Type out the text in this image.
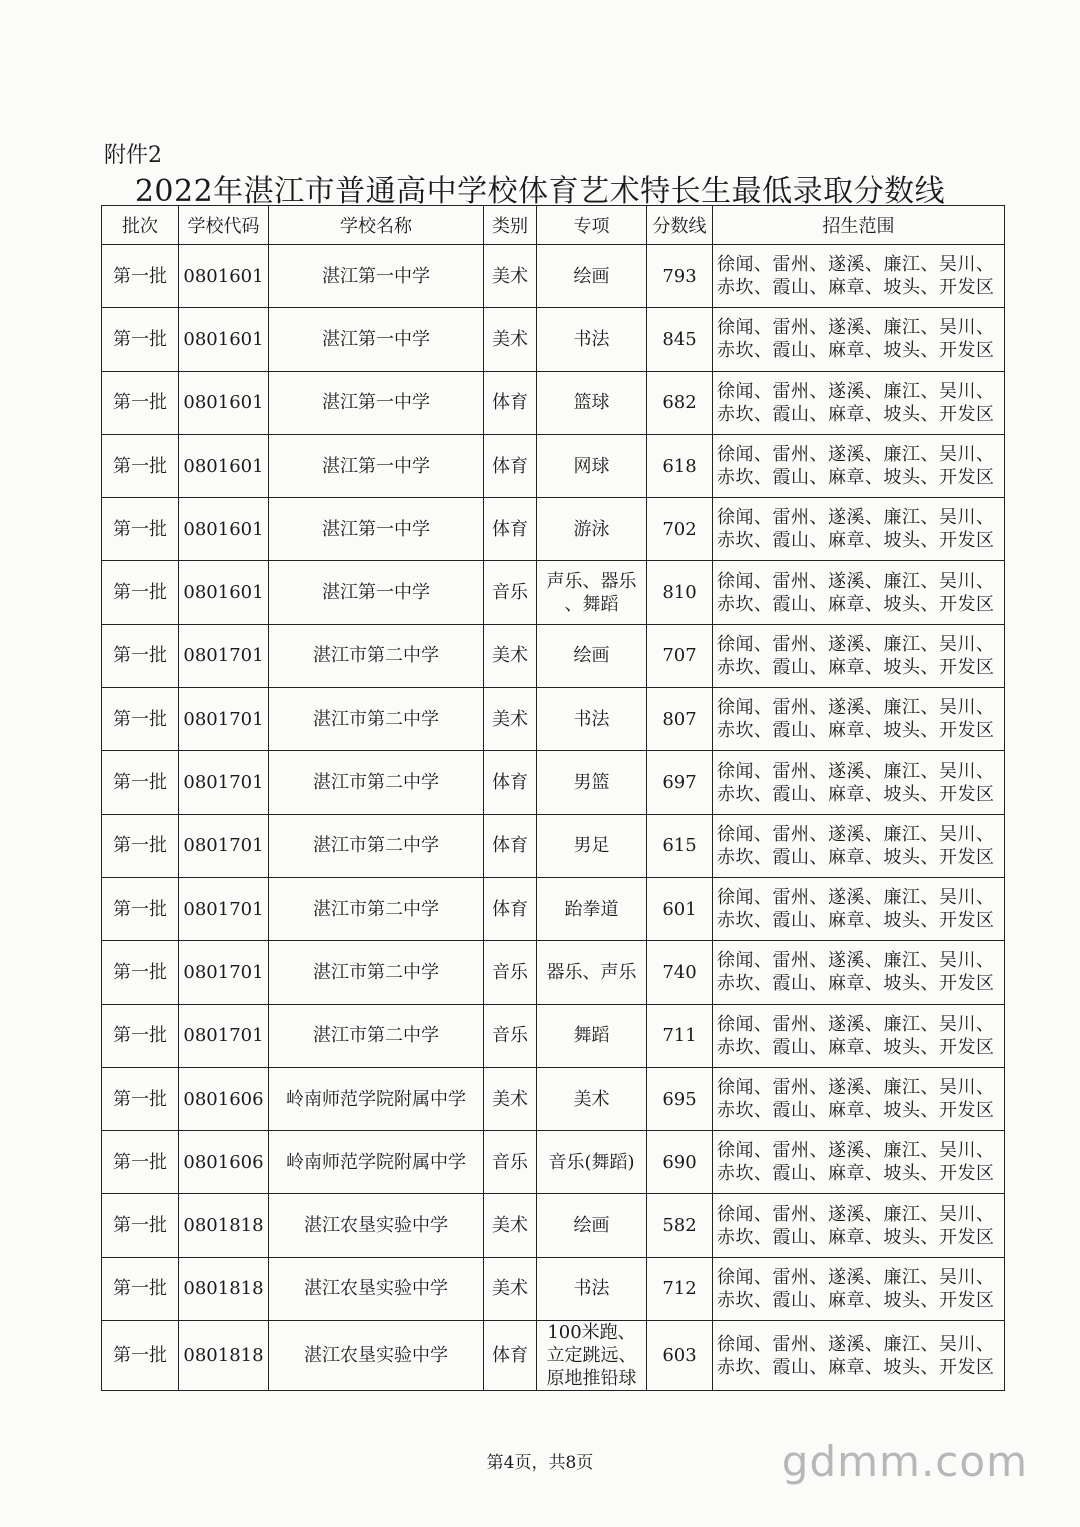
附件2
2022年湛江市普通高中学校体育艺术特长生最低录取分数线
批次	学校代码	学校名称	类别	专项	分数线	招生范围
第一批	0801601	湛江第一中学	美术	绘画	793	徐闻、雷州、遂溪、廉江、吴川、
赤坎、霞山、麻章、坡头、开发区
第一批	0801601	湛江第一中学	美术	书法	845	徐闻、雷州、遂溪、廉江、吴川、
赤坎、霞山、麻章、坡头、开发区
第一批	0801601	湛江第一中学	体育	篮球	682	徐闻、雷州、遂溪、廉江、吴川、
赤坎、霞山、麻章、坡头、开发区
第一批	0801601	湛江第一中学	体育	网球	618	徐闻、雷州、遂溪、廉江、吴川、
赤坎、霞山、麻章、坡头、开发区
第一批	0801601	湛江第一中学	体育	游泳	702	徐闻、雷州、遂溪、廉江、吴川、
赤坎、霞山、麻章、坡头、开发区
第一批	0801601	湛江第一中学	音乐	声乐、器乐
、舞蹈	810	徐闻、雷州、遂溪、廉江、吴川、
赤坎、霞山、麻章、坡头、开发区
第一批	0801701	湛江市第二中学	美术	绘画	707	徐闻、雷州、遂溪、廉江、吴川、
赤坎、霞山、麻章、坡头、开发区
第一批	0801701	湛江市第二中学	美术	书法	807	徐闻、雷州、遂溪、廉江、吴川、
赤坎、霞山、麻章、坡头、开发区
第一批	0801701	湛江市第二中学	体育	男篮	697	徐闻、雷州、遂溪、廉江、吴川、
赤坎、霞山、麻章、坡头、开发区
第一批	0801701	湛江市第二中学	体育	男足	615	徐闻、雷州、遂溪、廉江、吴川、
赤坎、霞山、麻章、坡头、开发区
第一批	0801701	湛江市第二中学	体育	跆拳道	601	徐闻、雷州、遂溪、廉江、吴川、
赤坎、霞山、麻章、坡头、开发区
第一批	0801701	湛江市第二中学	音乐	器乐、声乐	740	徐闻、雷州、遂溪、廉江、吴川、
赤坎、霞山、麻章、坡头、开发区
第一批	0801701	湛江市第二中学	音乐	舞蹈	711	徐闻、雷州、遂溪、廉江、吴川、
赤坎、霞山、麻章、坡头、开发区
第一批	0801606	岭南师范学院附属中学	美术	美术	695	徐闻、雷州、遂溪、廉江、吴川、
赤坎、霞山、麻章、坡头、开发区
第一批	0801606	岭南师范学院附属中学	音乐	音乐(舞蹈)	690	徐闻、雷州、遂溪、廉江、吴川、
赤坎、霞山、麻章、坡头、开发区
第一批	0801818	湛江农垦实验中学	美术	绘画	582	徐闻、雷州、遂溪、廉江、吴川、
赤坎、霞山、麻章、坡头、开发区
第一批	0801818	湛江农垦实验中学	美术	书法	712	徐闻、雷州、遂溪、廉江、吴川、
赤坎、霞山、麻章、坡头、开发区
第一批	0801818	湛江农垦实验中学	体育	100米跑、
立定跳远、
原地推铅球	603	徐闻、雷州、遂溪、廉江、吴川、
赤坎、霞山、麻章、坡头、开发区
第4页，共8页	gdmm.com
